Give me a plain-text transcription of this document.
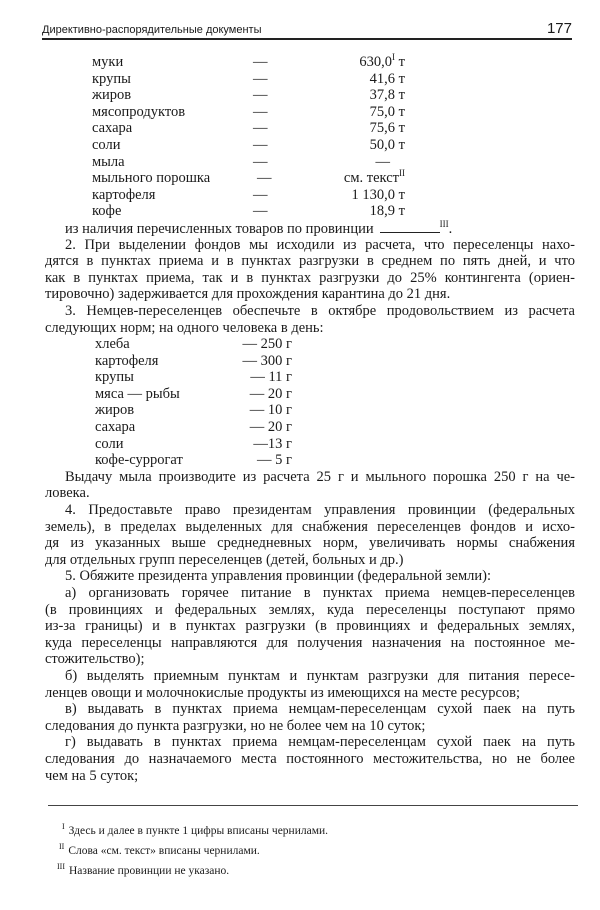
Директивно-распорядительные документы	177
муки	—	$630,0^I$ т
крупы	—	41,6 т
жиров	—	37,8 т
мясопродуктов	—	75,0 т
сахара	—	75,6 т
соли	—	50,0 т
мыла	—	—
мыльного порошка	—	см. текст$^{II}$
картофеля	—	1 130,0 т
кофе	—	18,9 т
из наличия перечисленных товаров по провинции	$^{III}$.
2. При выделении фондов мы исходили из расчета, что переселенцы нахо-
дятся в пунктах приема и в пунктах разгрузки в среднем по пять дней, и что
как в пунктах приема, так и в пунктах разгрузки до 25% контингента (ориен-
тировочно) задерживается для прохождения карантина до 21 дня.
3. Немцев-переселенцев обеспечьте в октябре продовольствием из расчета
следующих норм; на одного человека в день:
хлеба	— 250 г
картофеля	— 300 г
крупы	— 11 г
мяса — рыбы	— 20 г
жиров	— 10 г
сахара	— 20 г
соли	—13 г
кофе-суррогат	— 5 г
Выдачу мыла производите из расчета 25 г и мыльного порошка 250 г на че-
ловека.
4. Предоставьте право президентам управления провинции (федеральных
земель), в пределах выделенных для снабжения переселенцев фондов и исхо-
дя из указанных выше среднедневных норм, увеличивать нормы снабжения
для отдельных групп переселенцев (детей, больных и др.)
5. Обяжите президента управления провинции (федеральной земли):
а) организовать горячее питание в пунктах приема немцев-переселенцев
(в провинциях и федеральных землях, куда переселенцы поступают прямо
из-за границы) и в пунктах разгрузки (в провинциях и федеральных землях,
куда переселенцы направляются для получения назначения на постоянное ме-
стожительство);
б) выделять приемным пунктам и пунктам разгрузки для питания пересе-
ленцев овощи и молочнокислые продукты из имеющихся на месте ресурсов;
в) выдавать в пунктах приема немцам-переселенцам сухой паек на путь
следования до пункта разгрузки, но не более чем на 10 суток;
г) выдавать в пунктах приема немцам-переселенцам сухой паек на путь
следования до назначаемого места постоянного местожительства, но не более
чем на 5 суток;
$^I$ Здесь и далее в пункте 1 цифры вписаны чернилами.
$^{II}$ Слова «см. текст» вписаны чернилами.
$^{III}$ Название провинции не указано.
